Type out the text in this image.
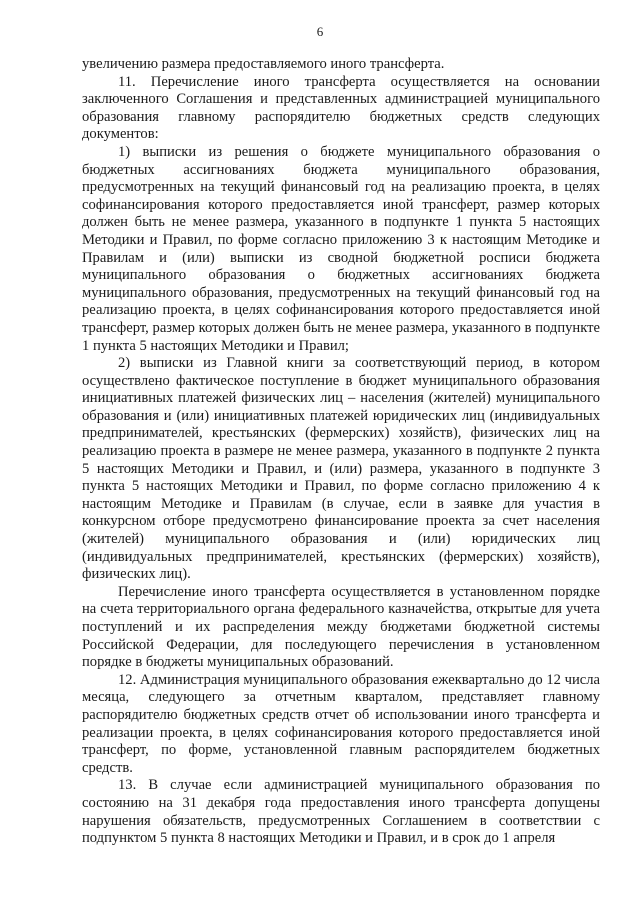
6

увеличению размера предоставляемого иного трансферта.

11. Перечисление иного трансферта осуществляется на основании заключенного Соглашения и представленных администрацией муниципального образования главному распорядителю бюджетных средств следующих документов:

1) выписки из решения о бюджете муниципального образования о бюджетных ассигнованиях бюджета муниципального образования, предусмотренных на текущий финансовый год на реализацию проекта, в целях софинансирования которого предоставляется иной трансферт, размер которых должен быть не менее размера, указанного в подпункте 1 пункта 5 настоящих Методики и Правил, по форме согласно приложению 3 к настоящим Методике и Правилам и (или) выписки из сводной бюджетной росписи бюджета муниципального образования о бюджетных ассигнованиях бюджета муниципального образования, предусмотренных на текущий финансовый год на реализацию проекта, в целях софинансирования которого предоставляется иной трансферт, размер которых должен быть не менее размера, указанного в подпункте 1 пункта 5 настоящих Методики и Правил;

2) выписки из Главной книги за соответствующий период, в котором осуществлено фактическое поступление в бюджет муниципального образования инициативных платежей физических лиц – населения (жителей) муниципального образования и (или) инициативных платежей юридических лиц (индивидуальных предпринимателей, крестьянских (фермерских) хозяйств), физических лиц на реализацию проекта в размере не менее размера, указанного в подпункте 2 пункта 5 настоящих Методики и Правил, и (или) размера, указанного в подпункте 3 пункта 5 настоящих Методики и Правил, по форме согласно приложению 4 к настоящим Методике и Правилам (в случае, если в заявке для участия в конкурсном отборе предусмотрено финансирование проекта за счет населения (жителей) муниципального образования и (или) юридических лиц (индивидуальных предпринимателей, крестьянских (фермерских) хозяйств), физических лиц).

Перечисление иного трансферта осуществляется в установленном порядке на счета территориального органа федерального казначейства, открытые для учета поступлений и их распределения между бюджетами бюджетной системы Российской Федерации, для последующего перечисления в установленном порядке в бюджеты муниципальных образований.

12. Администрация муниципального образования ежеквартально до 12 числа месяца, следующего за отчетным кварталом, представляет главному распорядителю бюджетных средств отчет об использовании иного трансферта и реализации проекта, в целях софинансирования которого предоставляется иной трансферт, по форме, установленной главным распорядителем бюджетных средств.

13. В случае если администрацией муниципального образования по состоянию на 31 декабря года предоставления иного трансферта допущены нарушения обязательств, предусмотренных Соглашением в соответствии с подпунктом 5 пункта 8 настоящих Методики и Правил, и в срок до 1 апреля
